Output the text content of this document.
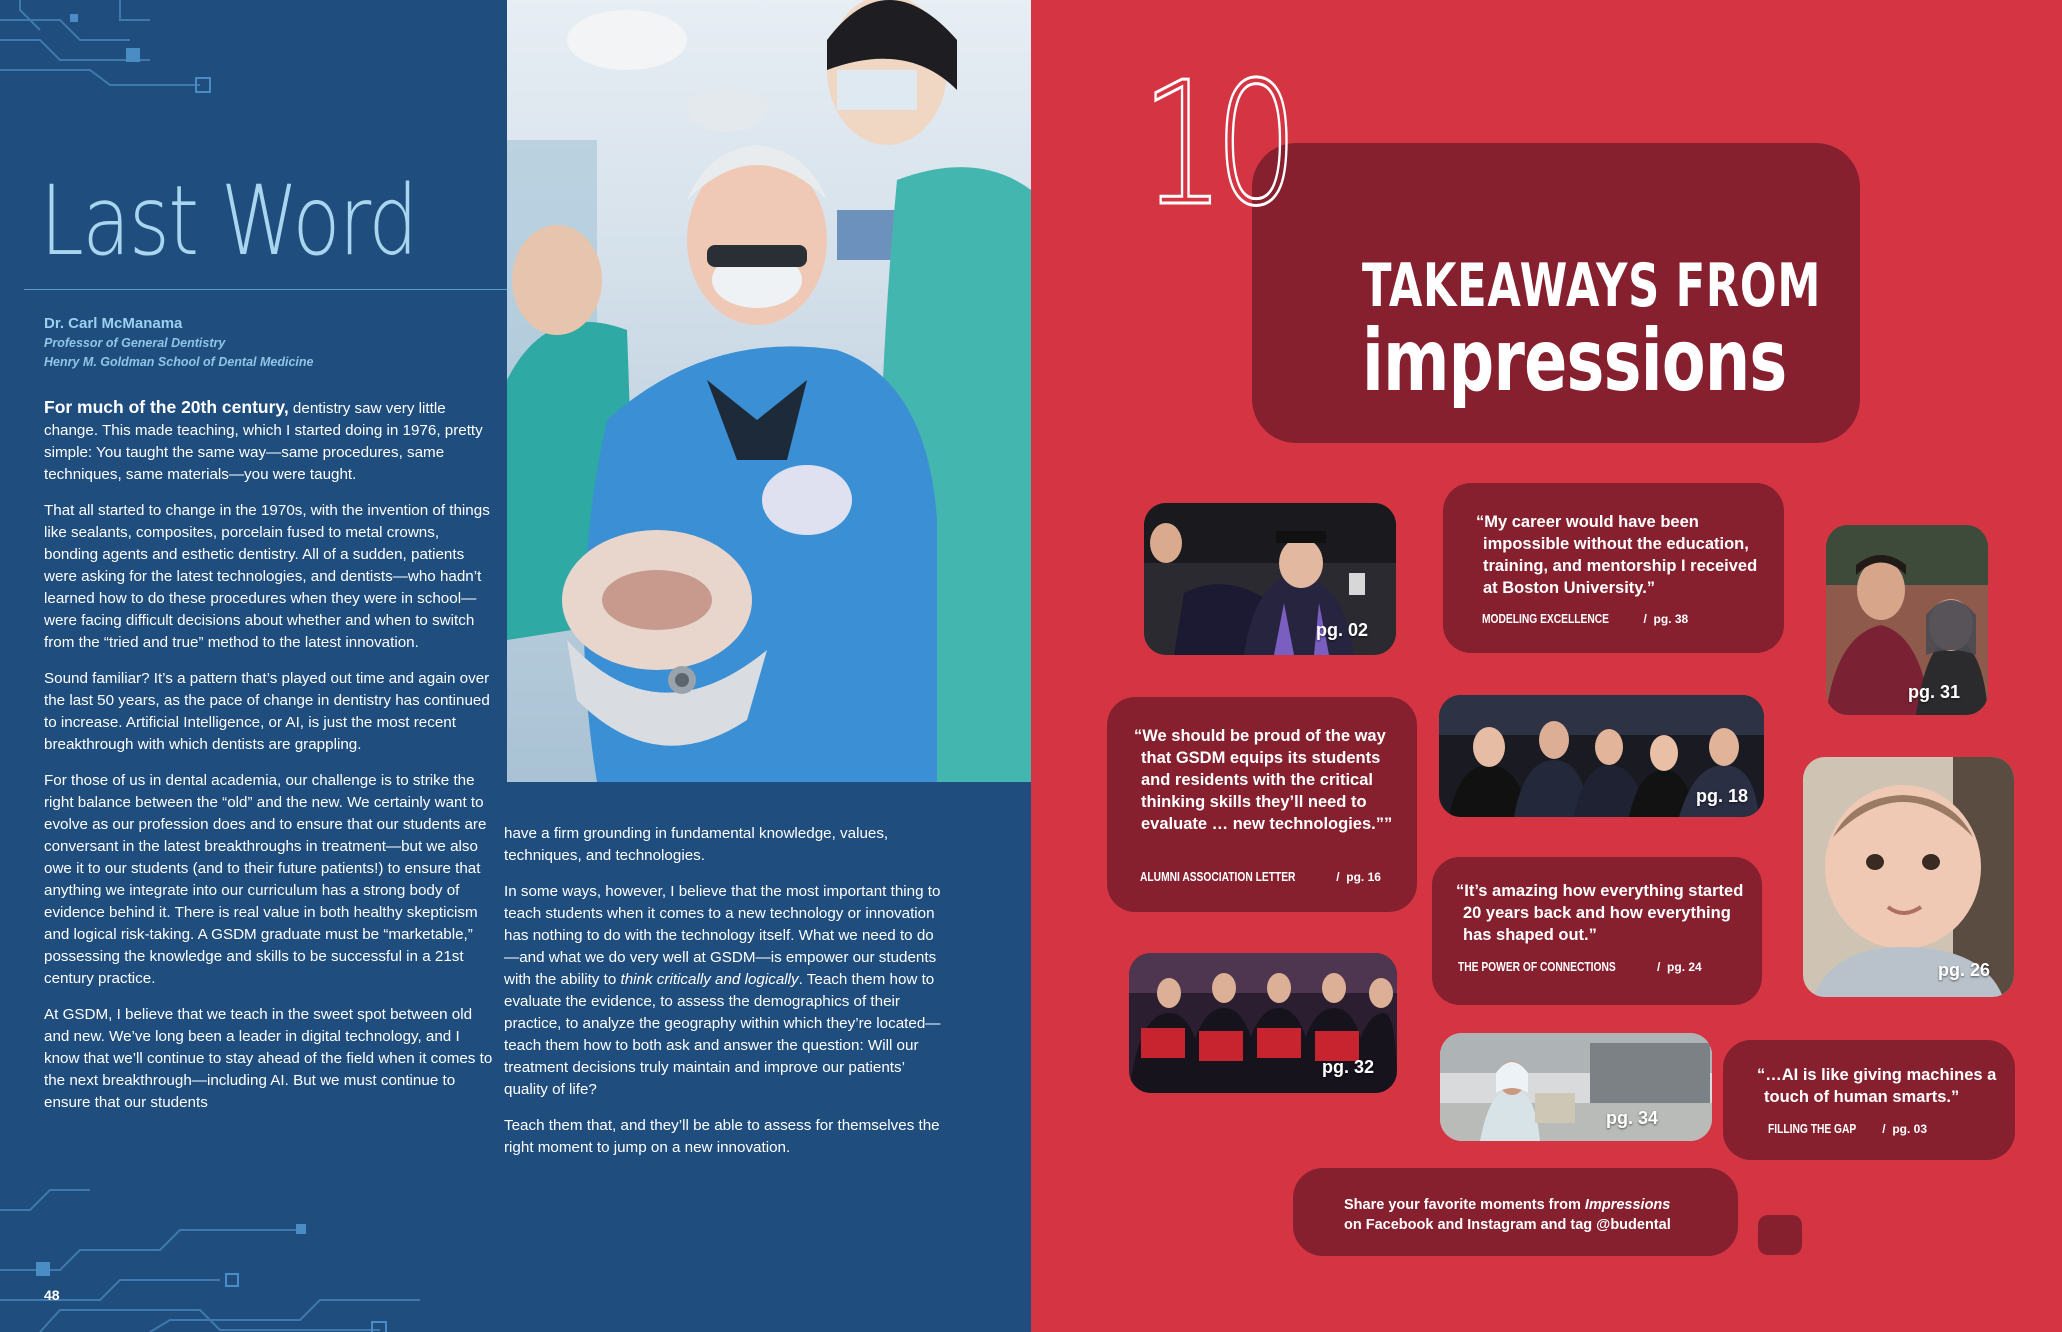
Last Word
Dr. Carl McManama
Professor of General Dentistry
Henry M. Goldman School of Dental Medicine

For much of the 20th century, dentistry saw very little change. This made teaching, which I started doing in 1976, pretty simple: You taught the same way—same procedures, same techniques, same materials—you were taught.

That all started to change in the 1970s, with the invention of things like sealants, composites, porcelain fused to metal crowns, bonding agents and esthetic dentistry. All of a sudden, patients were asking for the latest technologies, and dentists—who hadn’t learned how to do these procedures when they were in school—were facing difficult decisions about whether and when to switch from the “tried and true” method to the latest innovation.

Sound familiar? It’s a pattern that’s played out time and again over the last 50 years, as the pace of change in dentistry has continued to increase. Artificial Intelligence, or AI, is just the most recent breakthrough with which dentists are grappling.

For those of us in dental academia, our challenge is to strike the right balance between the “old” and the new. We certainly want to evolve as our profession does and to ensure that our students are conversant in the latest breakthroughs in treatment—but we also owe it to our students (and to their future patients!) to ensure that anything we integrate into our curriculum has a strong body of evidence behind it. There is real value in both healthy skepticism and logical risk-taking. A GSDM graduate must be “marketable,” possessing the knowledge and skills to be successful in a 21st century practice.

At GSDM, I believe that we teach in the sweet spot between old and new. We’ve long been a leader in digital technology, and I know that we’ll continue to stay ahead of the field when it comes to the next breakthrough—including AI. But we must continue to ensure that our students

have a firm grounding in fundamental knowledge, values, techniques, and technologies.

In some ways, however, I believe that the most important thing to teach students when it comes to a new technology or innovation has nothing to do with the technology itself. What we need to do—and what we do very well at GSDM—is empower our students with the ability to think critically and logically. Teach them how to evaluate the evidence, to assess the demographics of their practice, to analyze the geography within which they’re located—teach them how to both ask and answer the question: Will our treatment decisions truly maintain and improve our patients’ quality of life?

Teach them that, and they’ll be able to assess for themselves the right moment to jump on a new innovation.

48
pg. 02
pg. 31
pg. 18
pg. 26
pg. 32
pg. 34
“My career would have been impossible without the education, training, and mentorship I received at Boston University.”
MODELING EXCELLENCE  /  pg. 38
“We should be proud of the way that GSDM equips its students and residents with the critical thinking skills they’ll need to evaluate … new technologies.””
ALUMNI ASSOCIATION LETTER	/  pg. 16
“It’s amazing how everything started 20 years back and how everything has shaped out.”
THE POWER OF CONNECTIONS	/  pg. 24
“…AI is like giving machines a touch of human smarts.”
FILLING THE GAP  /  pg. 03
10
TAKEAWAYS FROM
impressions
Share your favorite moments from Impressions
on Facebook and Instagram and tag @budental
